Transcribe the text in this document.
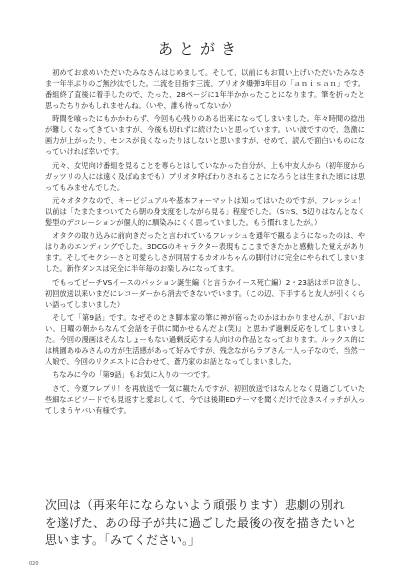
あとがき

初めてお求めいただいたみなさんはじめまして。そして、以前にもお買い上げいただいたみなさま一年半ぶりのご無沙汰でした。二流を目指す三流、ブリオタ爆弾3年目の「ａｎｉｓａｎ」です。番組終了直後に着手したので、たった、28ページに1年半かかったことになります。筆を折ったと思ったちりかもしれませんね。（いや、誰も待ってないか）

時間を喰ったにもかかわらず、今回も心残りのある出来になってしまいました。年々時間の捻出が難しくなってきていますが、今後も切れずに続けたいと思っています。いい波ですので、急激に画力が上がったり、センスが良くなったりはしないと思いますが、せめて、読んで面白いものになっていければ幸いです。

元々、女児向け番組を見ることを専らとはしていなかった自分が、上も中友人から（初年度からガッツリの人には遠く及ばぬまでも）ブリオタ呼ばわりされることになろうとは生まれた頃には思ってもみませんでした。

元々オタクなので、キービジュアルや基本フォーマットは知ってはいたのですが、フレッシュ！以前は「たまたまついてたら朝の身支度をしながら見る」程度でした。（S☆S、5辺りはなんとなく髪型のデコレーションが個人的に馴染みにくく思っていました。もう慣れましたが。）

オタクの取り込みに前向きだったと言われているフレッシュを通年で観るようになったのは、やはりあのエンディングでした。3DCGのキャラクター表現もここまできたかと感動した覚えがあります。そしてセクシーさと可愛らしさが同居するカオルちゃんの脚付けに完全にやられてしまいました。新作ダンスは完全に半年毎のお楽しみになってます。

でもってピーチVSイースのパッション誕生編（と言うかイース死亡編）2・23話はボロ泣きし、初回放送以来いまだにレコーダーから消去できないでいます。（この辺、下手すると友人が引くくらい語ってしまいました）

そして「第9話」です。なぜそのとき脚本家の筆に神が宿ったのかはわかりませんが、『おいおい、日曜の朝からなんて会話を子供に聞かせるんだよ(笑)』と思わず過剰反応をしてしまいました。今回の漫画はそんなしょーもない過剰反応する人向けの作品となっております。ルックス的には桃園あゆみさんの方が生活感があって好みですが、残念ながらラブさん一人っ子なので、当然一人娘で、今回のリクエストに合わせて、蒼乃家のお話となってしまいました。

ちなみに今の「第9話」もお気に入りの一つです。

さて、今夏フレプリ！を再放送で一気に観たんですが、初回放送ではなんとなく見過ごしていた些細なエピソードでも見返すと愛おしくて、今では後期EDテーマを聞くだけで泣きスイッチが入ってしまうヤバい有様です。

次回は（再来年にならないよう頑張ります）悲劇の別れ
を遂げた、あの母子が共に過ごした最後の夜を描きたいと
思います。「みてください。」
020
